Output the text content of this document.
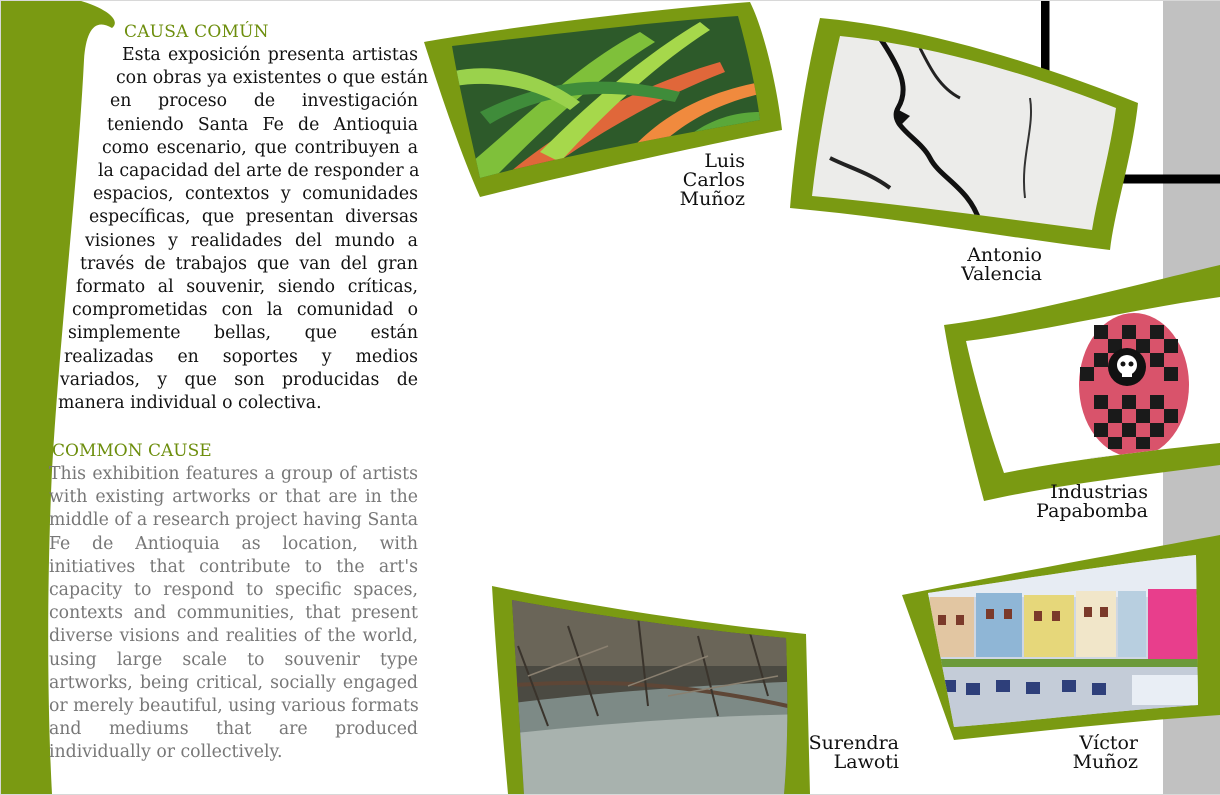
CAUSA COMÚN
Esta exposición presenta artistas
con obras ya existentes o que están
en proceso de investigación
teniendo Santa Fe de Antioquia
como escenario, que contribuyen a
la capacidad del arte de responder a
espacios, contextos y comunidades
específicas, que presentan diversas
visiones y realidades del mundo a
través de trabajos que van del gran
formato al souvenir, siendo críticas,
comprometidas con la comunidad o
simplemente bellas, que están
realizadas en soportes y medios
variados, y que son producidas de
manera individual o colectiva.
COMMON CAUSE
This exhibition features a group of artists
with existing artworks or that are in the
middle of a research project having Santa
Fe de Antioquia as location, with
initiatives that contribute to the art's
capacity to respond to specific spaces,
contexts and communities, that present
diverse visions and realities of the world,
using large scale to souvenir type
artworks, being critical, socially engaged
or merely beautiful, using various formats
and mediums that are produced
individually or collectively.
Luis
Carlos
Muñoz
Antonio
Valencia
Industrias
Papabomba
Surendra
Lawoti
Víctor
Muñoz
